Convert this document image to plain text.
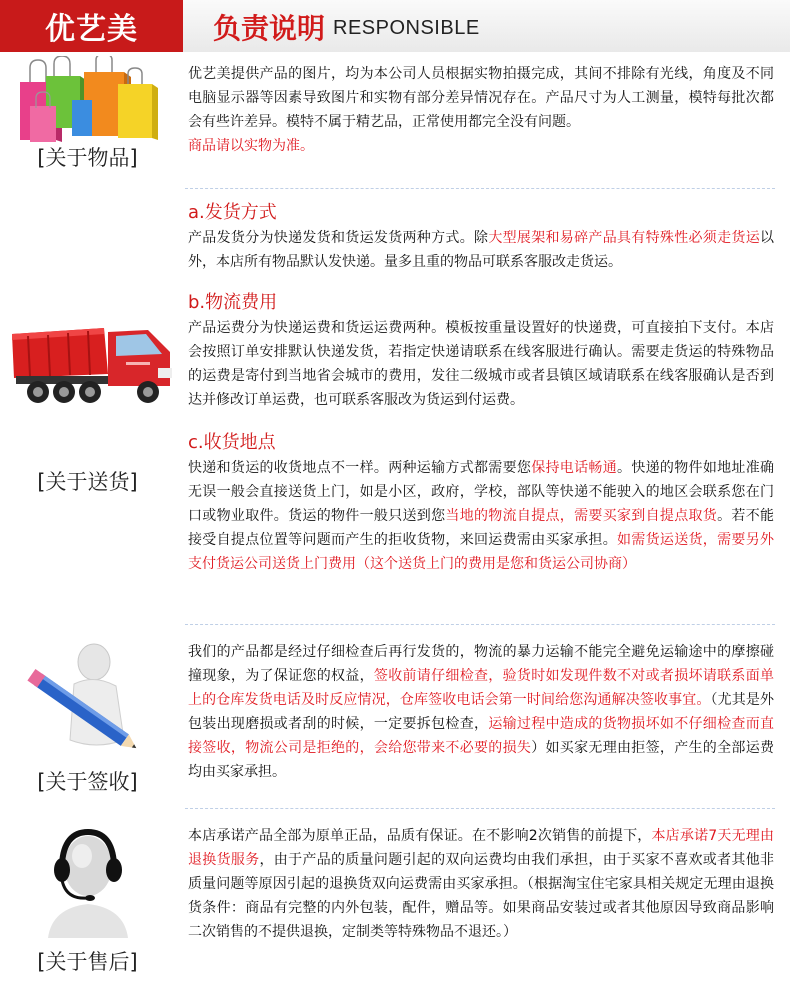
优艺美	负责说明 RESPONSIBLE
[关于物品]
优艺美提供产品的图片，均为本公司人员根据实物拍摄完成，其间不排除有光线，角度及不同电脑显示器等因素导致图片和实物有部分差异情况存在。产品尺寸为人工测量，模特每批次都会有些许差异。模特不属于精艺品，正常使用都完全没有问题。
商品请以实物为准。
a.发货方式
产品发货分为快递发货和货运发货两种方式。除大型展架和易碎产品具有特殊性必须走货运以外，本店所有物品默认发快递。量多且重的物品可联系客服改走货运。
b.物流费用
产品运费分为快递运费和货运运费两种。模板按重量设置好的快递费，可直接拍下支付。本店会按照订单安排默认快递发货，若指定快递请联系在线客服进行确认。需要走货运的特殊物品的运费是寄付到当地省会城市的费用，发往二级城市或者县镇区域请联系在线客服确认是否到达并修改订单运费，也可联系客服改为货运到付运费。
c.收货地点
[关于送货]
快递和货运的收货地点不一样。两种运输方式都需要您保持电话畅通。快递的物件如地址准确无误一般会直接送货上门，如是小区，政府，学校，部队等快递不能驶入的地区会联系您在门口或物业取件。货运的物件一般只送到您当地的物流自提点，需要买家到自提点取货。若不能接受自提点位置等问题而产生的拒收货物，来回运费需由买家承担。如需货运送货，需要另外支付货运公司送货上门费用（这个送货上门的费用是您和货运公司协商）
[关于签收]
我们的产品都是经过仔细检查后再行发货的，物流的暴力运输不能完全避免运输途中的摩擦碰撞现象，为了保证您的权益，签收前请仔细检查，验货时如发现件数不对或者损坏请联系面单上的仓库发货电话及时反应情况，仓库签收电话会第一时间给您沟通解决签收事宜。（尤其是外包装出现磨损或者刮的时候，一定要拆包检查，运输过程中造成的货物损坏如不仔细检查而直接签收，物流公司是拒绝的，会给您带来不必要的损失）如买家无理由拒签，产生的全部运费均由买家承担。
[关于售后]
本店承诺产品全部为原单正品，品质有保证。在不影响2次销售的前提下，本店承诺7天无理由退换货服务，由于产品的质量问题引起的双向运费均由我们承担，由于买家不喜欢或者其他非质量问题等原因引起的退换货双向运费需由买家承担。（根据淘宝住宅家具相关规定无理由退换货条件：商品有完整的内外包装，配件，赠品等。如果商品安装过或者其他原因导致商品影响二次销售的不提供退换，定制类等特殊物品不退还。）
